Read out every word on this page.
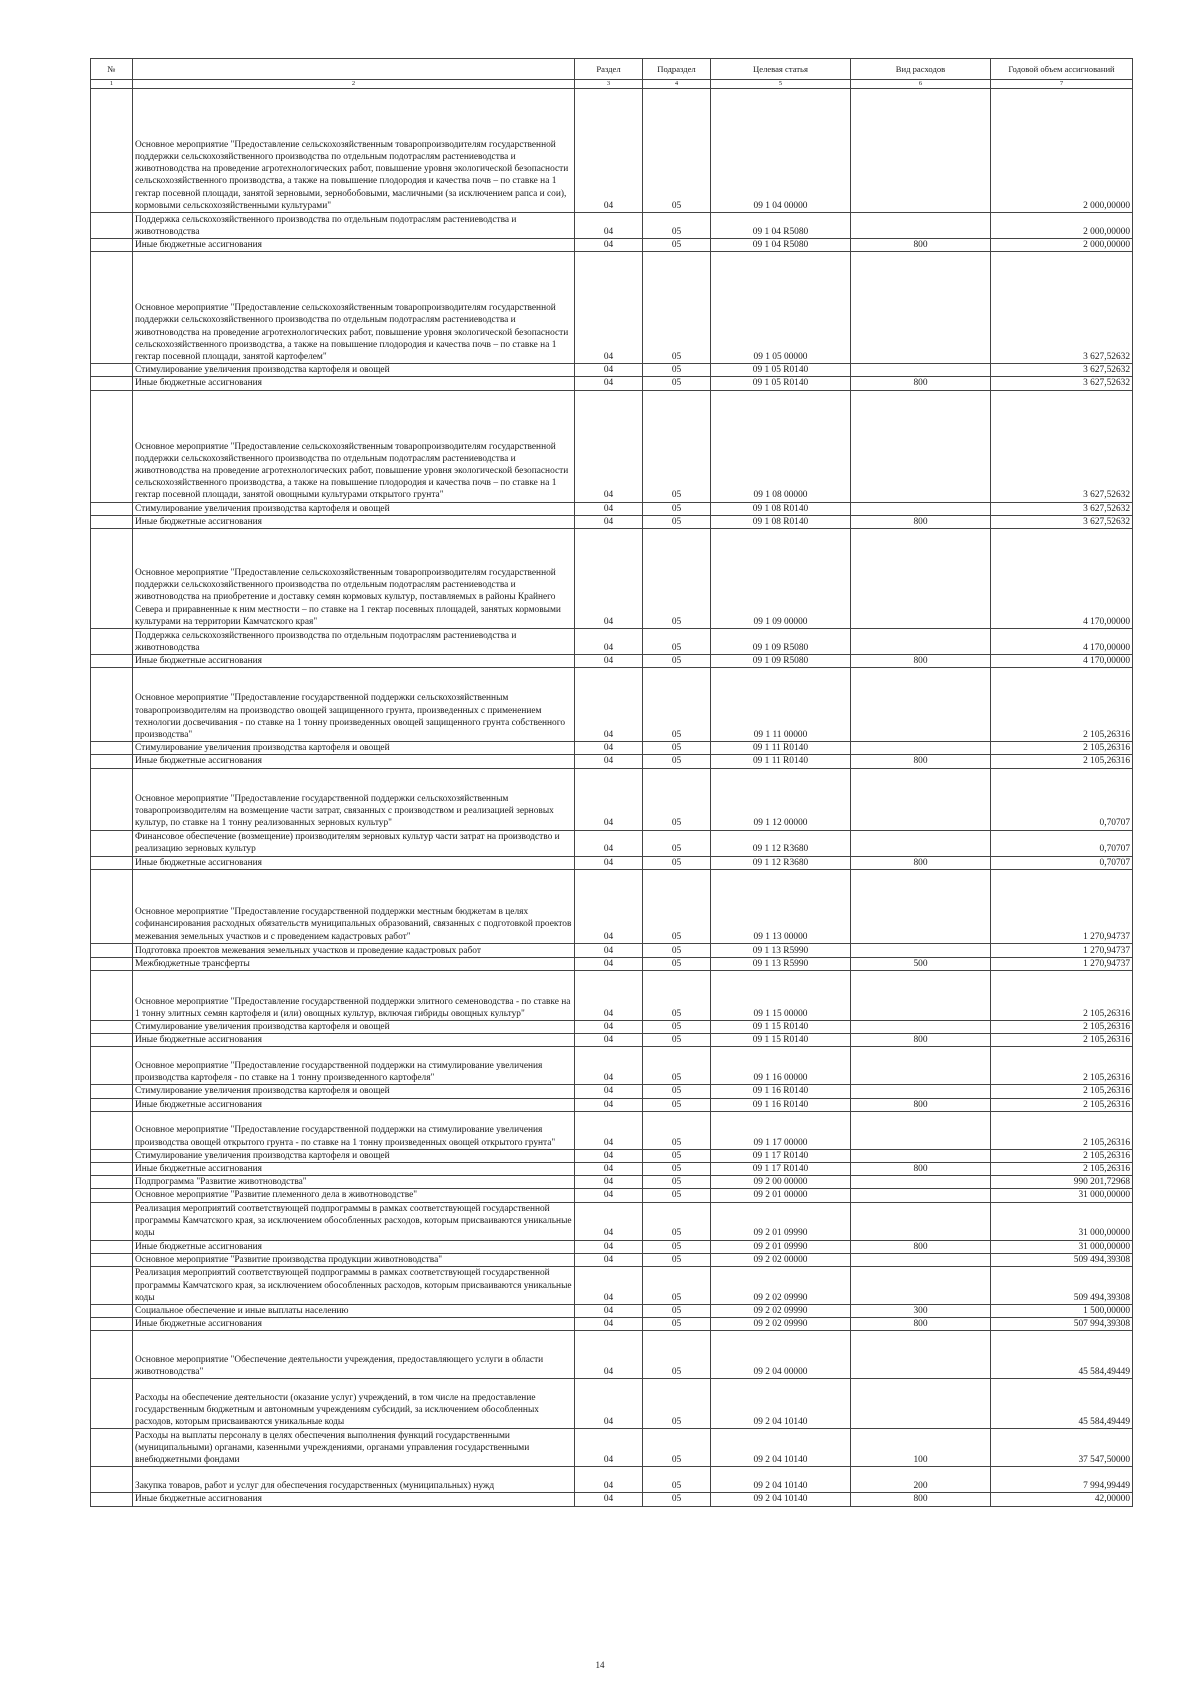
№		Раздел	Подраздел	Целевая статья	Вид расходов	Годовой объем ассигнований
1	2	3	4	5	6	7
	Основное мероприятие "Предоставление сельскохозяйственным товаропроизводителям государственной поддержки сельскохозяйственного производства по отдельным подотраслям растениеводства и животноводства на проведение агротехнологических работ, повышение уровня экологической безопасности сельскохозяйственного производства, а также на повышение плодородия и качества почв – по ставке на 1 гектар посевной площади, занятой зерновыми, зернобобовыми, масличными (за исключением рапса и сои), кормовыми сельскохозяйственными культурами"	04	05	09 1 04 00000		2 000,00000
	Поддержка сельскохозяйственного производства по отдельным подотраслям растениеводства и животноводства	04	05	09 1 04 R5080		2 000,00000
	Иные бюджетные ассигнования	04	05	09 1 04 R5080	800	2 000,00000
	Основное мероприятие "Предоставление сельскохозяйственным товаропроизводителям государственной поддержки сельскохозяйственного производства по отдельным подотраслям растениеводства и животноводства на проведение агротехнологических работ, повышение уровня экологической безопасности сельскохозяйственного производства, а также на повышение плодородия и качества почв – по ставке на 1 гектар посевной площади, занятой картофелем"	04	05	09 1 05 00000		3 627,52632
	Стимулирование увеличения производства картофеля и овощей	04	05	09 1 05 R0140		3 627,52632
	Иные бюджетные ассигнования	04	05	09 1 05 R0140	800	3 627,52632
	Основное мероприятие "Предоставление сельскохозяйственным товаропроизводителям государственной поддержки сельскохозяйственного производства по отдельным подотраслям растениеводства и животноводства на проведение агротехнологических работ, повышение уровня экологической безопасности сельскохозяйственного производства, а также на повышение плодородия и качества почв – по ставке на 1 гектар посевной площади, занятой овощными культурами открытого грунта"	04	05	09 1 08 00000		3 627,52632
	Стимулирование увеличения производства картофеля и овощей	04	05	09 1 08 R0140		3 627,52632
	Иные бюджетные ассигнования	04	05	09 1 08 R0140	800	3 627,52632
	Основное мероприятие "Предоставление сельскохозяйственным товаропроизводителям государственной поддержки сельскохозяйственного производства по отдельным подотраслям растениеводства и животноводства на приобретение и доставку семян кормовых культур, поставляемых в районы Крайнего Севера и приравненные к ним местности – по ставке на 1 гектар посевных площадей, занятых кормовыми культурами на территории Камчатского края"	04	05	09 1 09 00000		4 170,00000
	Поддержка сельскохозяйственного производства по отдельным подотраслям растениеводства и животноводства	04	05	09 1 09 R5080		4 170,00000
	Иные бюджетные ассигнования	04	05	09 1 09 R5080	800	4 170,00000
	Основное мероприятие "Предоставление государственной поддержки сельскохозяйственным товаропроизводителям на производство овощей защищенного грунта, произведенных с применением технологии досвечивания - по ставке на 1 тонну произведенных овощей защищенного грунта собственного производства"	04	05	09 1 11 00000		2 105,26316
	Стимулирование увеличения производства картофеля и овощей	04	05	09 1 11 R0140		2 105,26316
	Иные бюджетные ассигнования	04	05	09 1 11 R0140	800	2 105,26316
	Основное мероприятие "Предоставление государственной поддержки сельскохозяйственным товаропроизводителям на возмещение части затрат, связанных с производством и реализацией зерновых культур, по ставке на 1 тонну реализованных зерновых культур"	04	05	09 1 12 00000		0,70707
	Финансовое обеспечение (возмещение) производителям зерновых культур части затрат на производство и реализацию зерновых культур	04	05	09 1 12 R3680		0,70707
	Иные бюджетные ассигнования	04	05	09 1 12 R3680	800	0,70707
	Основное мероприятие "Предоставление государственной поддержки местным бюджетам в целях софинансирования расходных обязательств муниципальных образований, связанных с подготовкой проектов межевания земельных участков и с проведением кадастровых работ"	04	05	09 1 13 00000		1 270,94737
	Подготовка проектов межевания земельных участков и проведение кадастровых работ	04	05	09 1 13 R5990		1 270,94737
	Межбюджетные трансферты	04	05	09 1 13 R5990	500	1 270,94737
	Основное мероприятие "Предоставление государственной поддержки элитного семеноводства - по ставке на 1 тонну элитных семян картофеля и (или) овощных культур, включая гибриды овощных культур"	04	05	09 1 15 00000		2 105,26316
	Стимулирование увеличения производства картофеля и овощей	04	05	09 1 15 R0140		2 105,26316
	Иные бюджетные ассигнования	04	05	09 1 15 R0140	800	2 105,26316
	Основное мероприятие "Предоставление государственной поддержки на стимулирование увеличения производства картофеля - по ставке на 1 тонну произведенного картофеля"	04	05	09 1 16 00000		2 105,26316
	Стимулирование увеличения производства картофеля и овощей	04	05	09 1 16 R0140		2 105,26316
	Иные бюджетные ассигнования	04	05	09 1 16 R0140	800	2 105,26316
	Основное мероприятие "Предоставление государственной поддержки на стимулирование увеличения производства овощей открытого грунта - по ставке на 1 тонну произведенных овощей открытого грунта"	04	05	09 1 17 00000		2 105,26316
	Стимулирование увеличения производства картофеля и овощей	04	05	09 1 17 R0140		2 105,26316
	Иные бюджетные ассигнования	04	05	09 1 17 R0140	800	2 105,26316
	Подпрограмма "Развитие животноводства"	04	05	09 2 00 00000		990 201,72968
	Основное мероприятие "Развитие племенного дела в животноводстве"	04	05	09 2 01 00000		31 000,00000
	Реализация мероприятий соответствующей подпрограммы в рамках соответствующей государственной программы Камчатского края, за исключением обособленных расходов, которым присваиваются уникальные коды	04	05	09 2 01 09990		31 000,00000
	Иные бюджетные ассигнования	04	05	09 2 01 09990	800	31 000,00000
	Основное мероприятие "Развитие производства продукции животноводства"	04	05	09 2 02 00000		509 494,39308
	Реализация мероприятий соответствующей подпрограммы в рамках соответствующей государственной программы Камчатского края, за исключением обособленных расходов, которым присваиваются уникальные коды	04	05	09 2 02 09990		509 494,39308
	Социальное обеспечение и иные выплаты населению	04	05	09 2 02 09990	300	1 500,00000
	Иные бюджетные ассигнования	04	05	09 2 02 09990	800	507 994,39308
	Основное мероприятие "Обеспечение деятельности учреждения, предоставляющего услуги в области животноводства"	04	05	09 2 04 00000		45 584,49449
	Расходы на обеспечение деятельности (оказание услуг) учреждений, в том числе на предоставление государственным бюджетным и автономным учреждениям субсидий, за исключением обособленных расходов, которым присваиваются уникальные коды	04	05	09 2 04 10140		45 584,49449
	Расходы на выплаты персоналу в целях обеспечения выполнения функций государственными (муниципальными) органами, казенными учреждениями, органами управления государственными внебюджетными фондами	04	05	09 2 04 10140	100	37 547,50000
	Закупка товаров, работ и услуг для обеспечения государственных (муниципальных) нужд	04	05	09 2 04 10140	200	7 994,99449
	Иные бюджетные ассигнования	04	05	09 2 04 10140	800	42,00000
14
